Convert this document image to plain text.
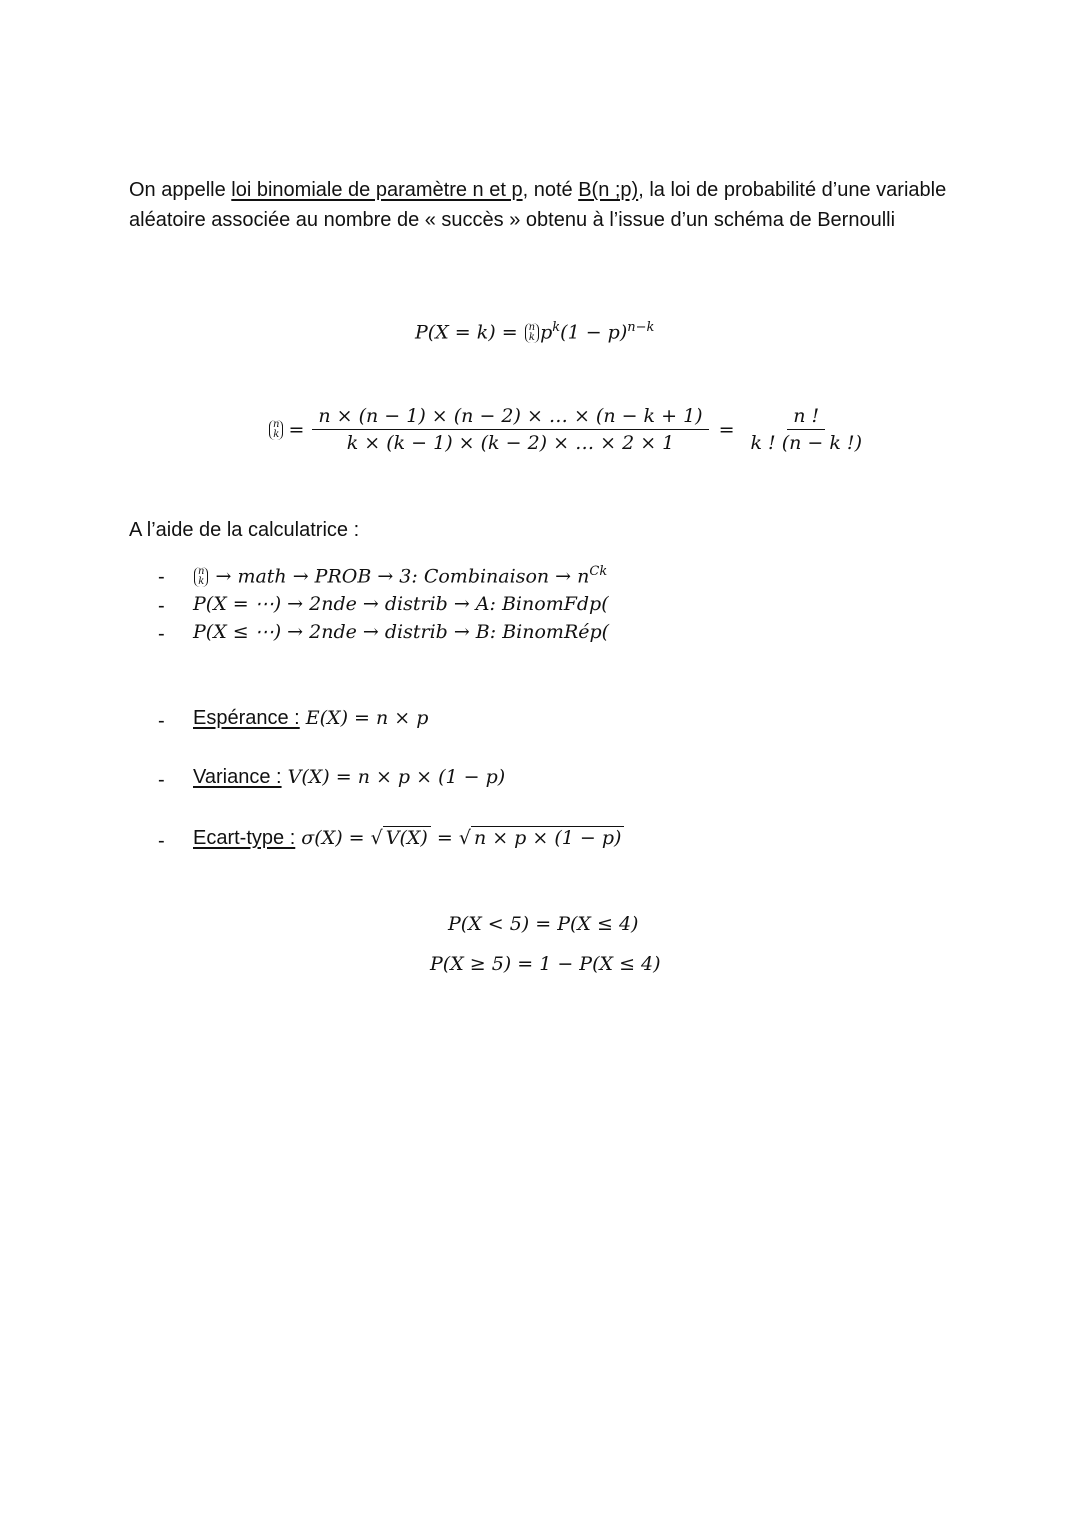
On appelle loi binomiale de paramètre n et p, noté B(n ;p), la loi de probabilité d’une variable aléatoire associée au nombre de « succès » obtenu à l’issue d’un schéma de Bernoulli
P(X = k) = n
k $p^k(1 - p)^{n-k}$
n
$k = \frac{n \times (n - 1) \times (n - 2) \times \dots \times (n - k + 1)}{k \times (k - 1) \times (k - 2) \times \dots \times 2 \times 1} = \frac{n !}{k ! (n - k !)}$
A l’aide de la calculatrice :
-	n
k → math → PROB → 3: Combinaison → $n^{Ck}$
- P(X = ⋯) → 2nde → distrib → A: BinomFdp(
- P(X ≤ ⋯) → 2nde → distrib → B: BinomRép(
- Espérance : E(X) = n × p
- Variance : V(X) = n × p × (1 − p)
- Ecart-type : σ(X) = √ V(X) = √ n × p × (1 − p)
P(X < 5) = P(X ≤ 4)
P(X ≥ 5) = 1 − P(X ≤ 4)
